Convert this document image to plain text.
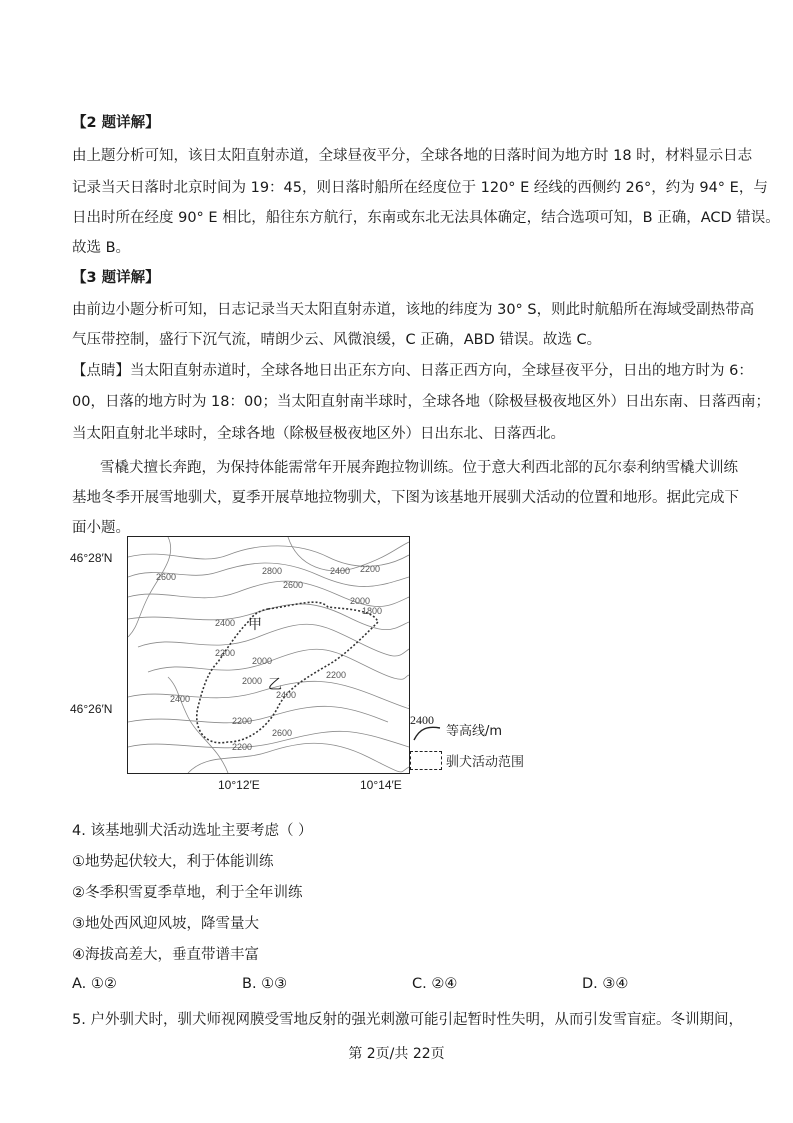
【2 题详解】
由上题分析可知，该日太阳直射赤道，全球昼夜平分，全球各地的日落时间为地方时 18 时，材料显示日志
记录当天日落时北京时间为 19：45，则日落时船所在经度位于 120° E 经线的西侧约 26°，约为 94° E，与
日出时所在经度 90° E 相比，船往东方航行，东南或东北无法具体确定，结合选项可知，B 正确，ACD 错误。
故选 B。
【3 题详解】
由前边小题分析可知，日志记录当天太阳直射赤道，该地的纬度为 30° S，则此时航船所在海域受副热带高
气压带控制，盛行下沉气流，晴朗少云、风微浪缓，C 正确，ABD 错误。故选 C。
【点睛】当太阳直射赤道时，全球各地日出正东方向、日落正西方向，全球昼夜平分，日出的地方时为 6：
00，日落的地方时为 18：00；当太阳直射南半球时，全球各地（除极昼极夜地区外）日出东南、日落西南；
当太阳直射北半球时，全球各地（除极昼极夜地区外）日出东北、日落西北。
雪橇犬擅长奔跑，为保持体能需常年开展奔跑拉物训练。位于意大利西北部的瓦尔泰利纳雪橇犬训练
基地冬季开展雪地驯犬，夏季开展草地拉物驯犬，下图为该基地开展驯犬活动的位置和地形。据此完成下
面小题。
46°28′N
46°26′N
10°12′E	10°14′E
2600
2800
2600
2400 2200
2400
2000
1800
2200
2000
2000
2400
2200
2400
2200
2600
2200
甲
乙
2400
等高线/m
驯犬活动范围
4. 该基地驯犬活动选址主要考虑（ ）
①地势起伏较大，利于体能训练
②冬季积雪夏季草地，利于全年训练
③地处西风迎风坡，降雪量大
④海拔高差大，垂直带谱丰富
A. ①②	B. ①③	C. ②④	D. ③④
5. 户外驯犬时，驯犬师视网膜受雪地反射的强光刺激可能引起暂时性失明，从而引发雪盲症。冬训期间，
第 2页/共 22页
